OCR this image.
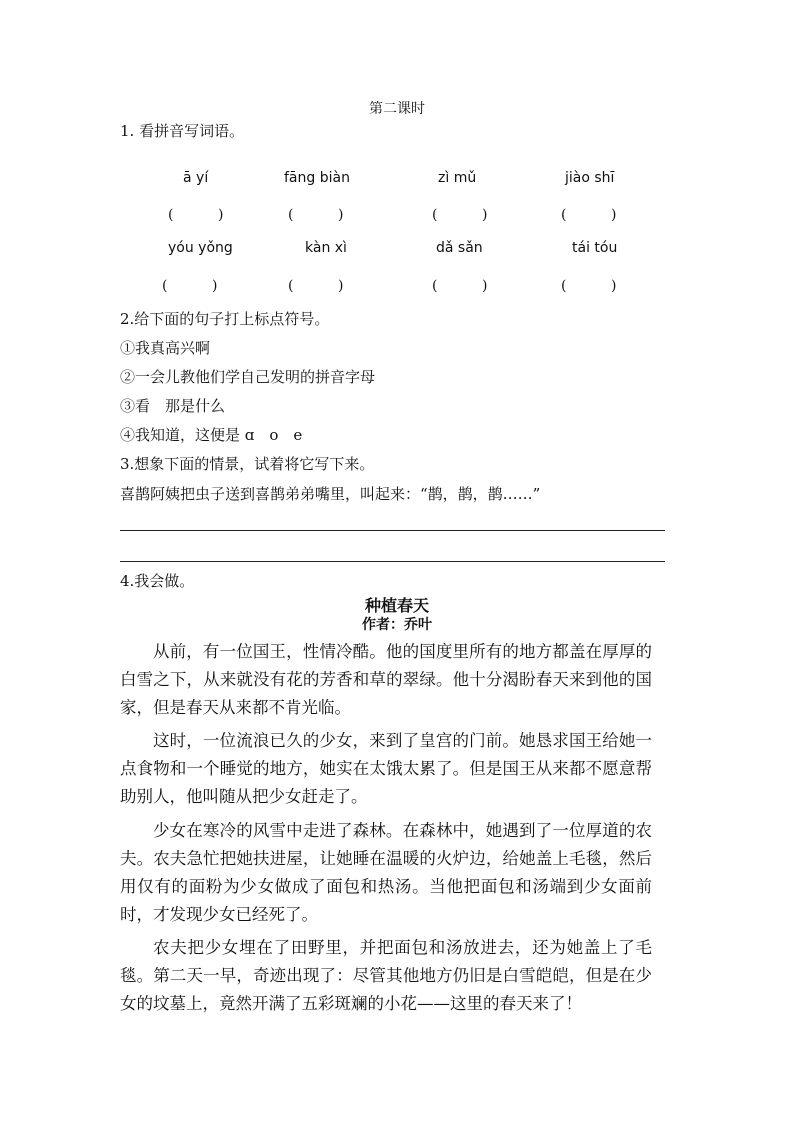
第二课时
1. 看拼音写词语。
ā yí	fāng biàn	zì mǔ	jiào shī
(          )	(          )	(          )	(          )
yóu yǒng	kàn xì	dǎ sǎn	tái tóu
(          )	(          )	(          )	(          )
2.给下面的句子打上标点符号。
①我真高兴啊
②一会儿教他们学自己发明的拼音字母
③看　那是什么
④我知道，这便是 ɑ　o　e
3.想象下面的情景，试着将它写下来。
喜鹊阿姨把虫子送到喜鹊弟弟嘴里，叫起来：“鹊，鹊，鹊……”
4.我会做。
种植春天
作者：乔叶

从前，有一位国王，性情冷酷。他的国度里所有的地方都盖在厚厚的白雪之下，从来就没有花的芳香和草的翠绿。他十分渴盼春天来到他的国家，但是春天从来都不肯光临。

这时，一位流浪已久的少女，来到了皇宫的门前。她恳求国王给她一点食物和一个睡觉的地方，她实在太饿太累了。但是国王从来都不愿意帮助别人，他叫随从把少女赶走了。

少女在寒冷的风雪中走进了森林。在森林中，她遇到了一位厚道的农夫。农夫急忙把她扶进屋，让她睡在温暖的火炉边，给她盖上毛毯，然后用仅有的面粉为少女做成了面包和热汤。当他把面包和汤端到少女面前时，才发现少女已经死了。

农夫把少女埋在了田野里，并把面包和汤放进去，还为她盖上了毛毯。第二天一早，奇迹出现了：尽管其他地方仍旧是白雪皑皑，但是在少女的坟墓上，竟然开满了五彩斑斓的小花——这里的春天来了！
